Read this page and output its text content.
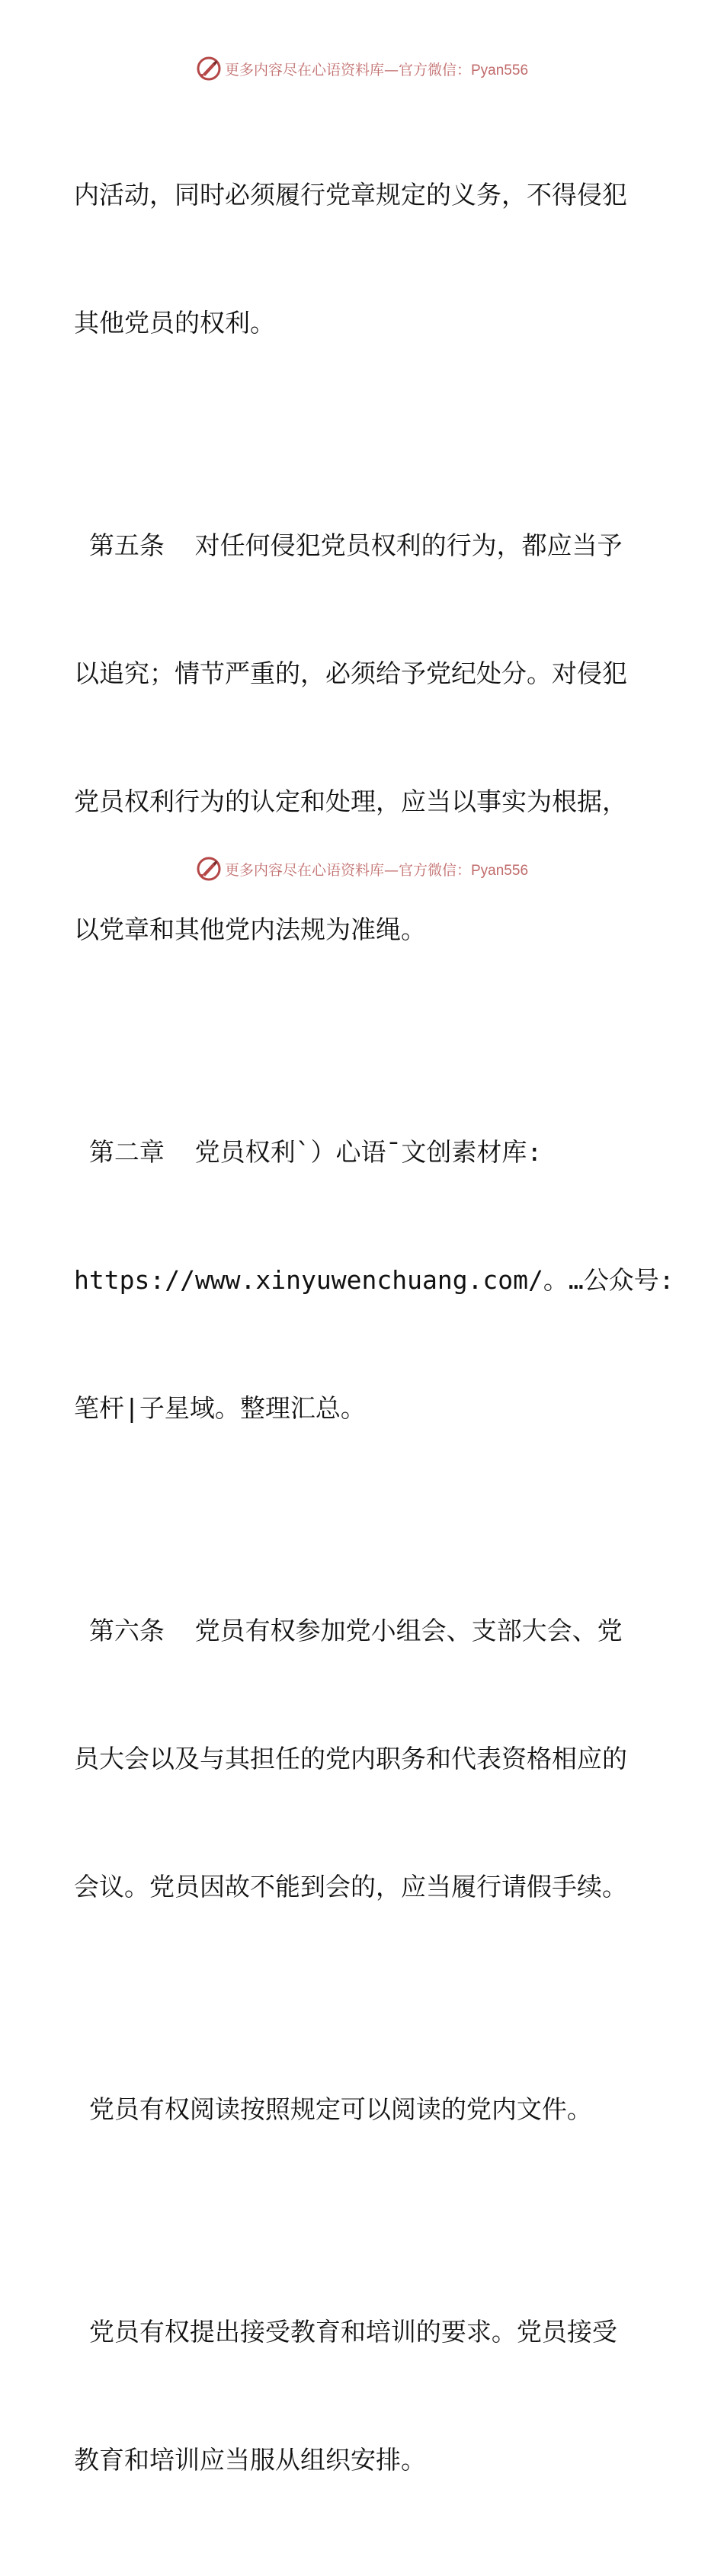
更多内容尽在心语资料库—官方微信：Pyan556

内活动，同时必须履行党章规定的义务，不得侵犯

其他党员的权利。

第五条  对任何侵犯党员权利的行为，都应当予

以追究；情节严重的，必须给予党纪处分。对侵犯

党员权利行为的认定和处理，应当以事实为根据，

以党章和其他党内法规为准绳。

第二章  党员权利`）心语¯文创素材库:

https://www.xinyuwenchuang.com/。…公众号:

笔杆|子星域。整理汇总。

第六条  党员有权参加党小组会、支部大会、党

员大会以及与其担任的党内职务和代表资格相应的

会议。党员因故不能到会的，应当履行请假手续。

党员有权阅读按照规定可以阅读的党内文件。

党员有权提出接受教育和培训的要求。党员接受

教育和培训应当服从组织安排。

更多内容尽在心语资料库—官方微信：Pyan556
